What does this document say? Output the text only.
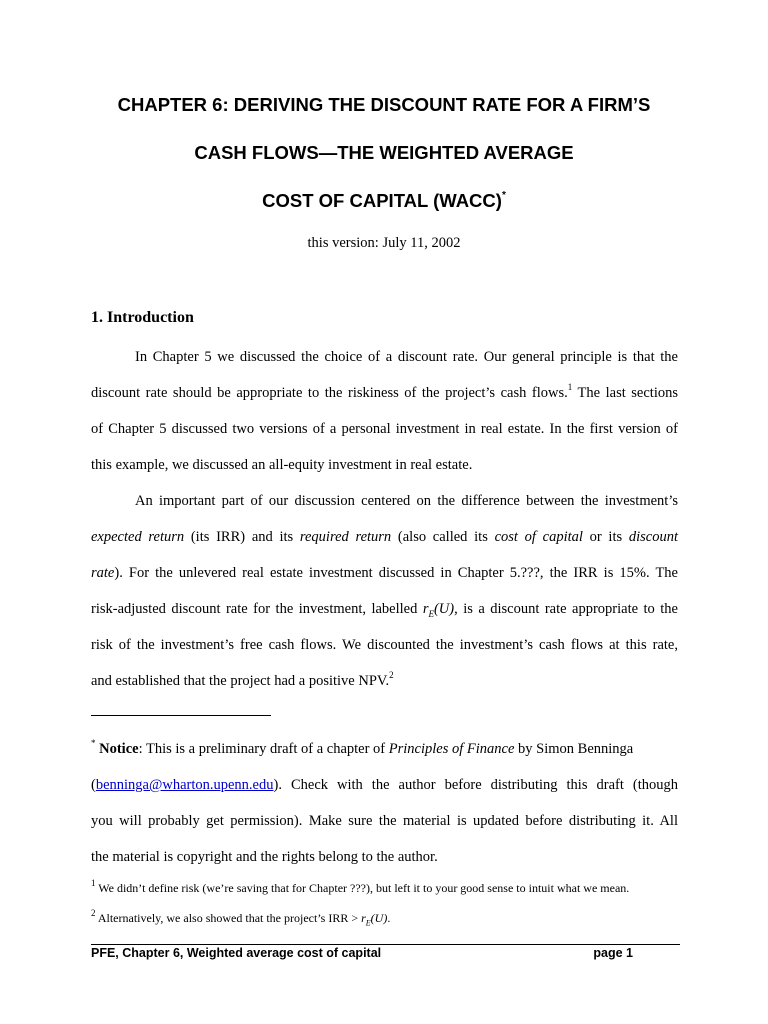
CHAPTER 6: DERIVING THE DISCOUNT RATE FOR A FIRM’S
CASH FLOWS—THE WEIGHTED AVERAGE
COST OF CAPITAL (WACC)*
this version: July 11, 2002
1. Introduction
In Chapter 5 we discussed the choice of a discount rate. Our general principle is that the
discount rate should be appropriate to the riskiness of the project’s cash flows.$^1$ The last sections
of Chapter 5 discussed two versions of a personal investment in real estate. In the first version of
this example, we discussed an all-equity investment in real estate.
An important part of our discussion centered on the difference between the investment’s
expected return (its IRR) and its required return (also called its cost of capital or its discount
rate). For the unlevered real estate investment discussed in Chapter 5.???, the IRR is 15%. The
risk-adjusted discount rate for the investment, labelled $r_E(U)$, is a discount rate appropriate to the
risk of the investment’s free cash flows. We discounted the investment’s cash flows at this rate,
and established that the project had a positive NPV.$^2$
* Notice: This is a preliminary draft of a chapter of Principles of Finance by Simon Benninga
(benninga@wharton.upenn.edu). Check with the author before distributing this draft (though
you will probably get permission). Make sure the material is updated before distributing it. All
the material is copyright and the rights belong to the author.
$^1$ We didn’t define risk (we’re saving that for Chapter ???), but left it to your good sense to intuit what we mean.
$^2$ Alternatively, we also showed that the project’s IRR > $r_E(U)$.
PFE, Chapter 6, Weighted average cost of capital	page 1
